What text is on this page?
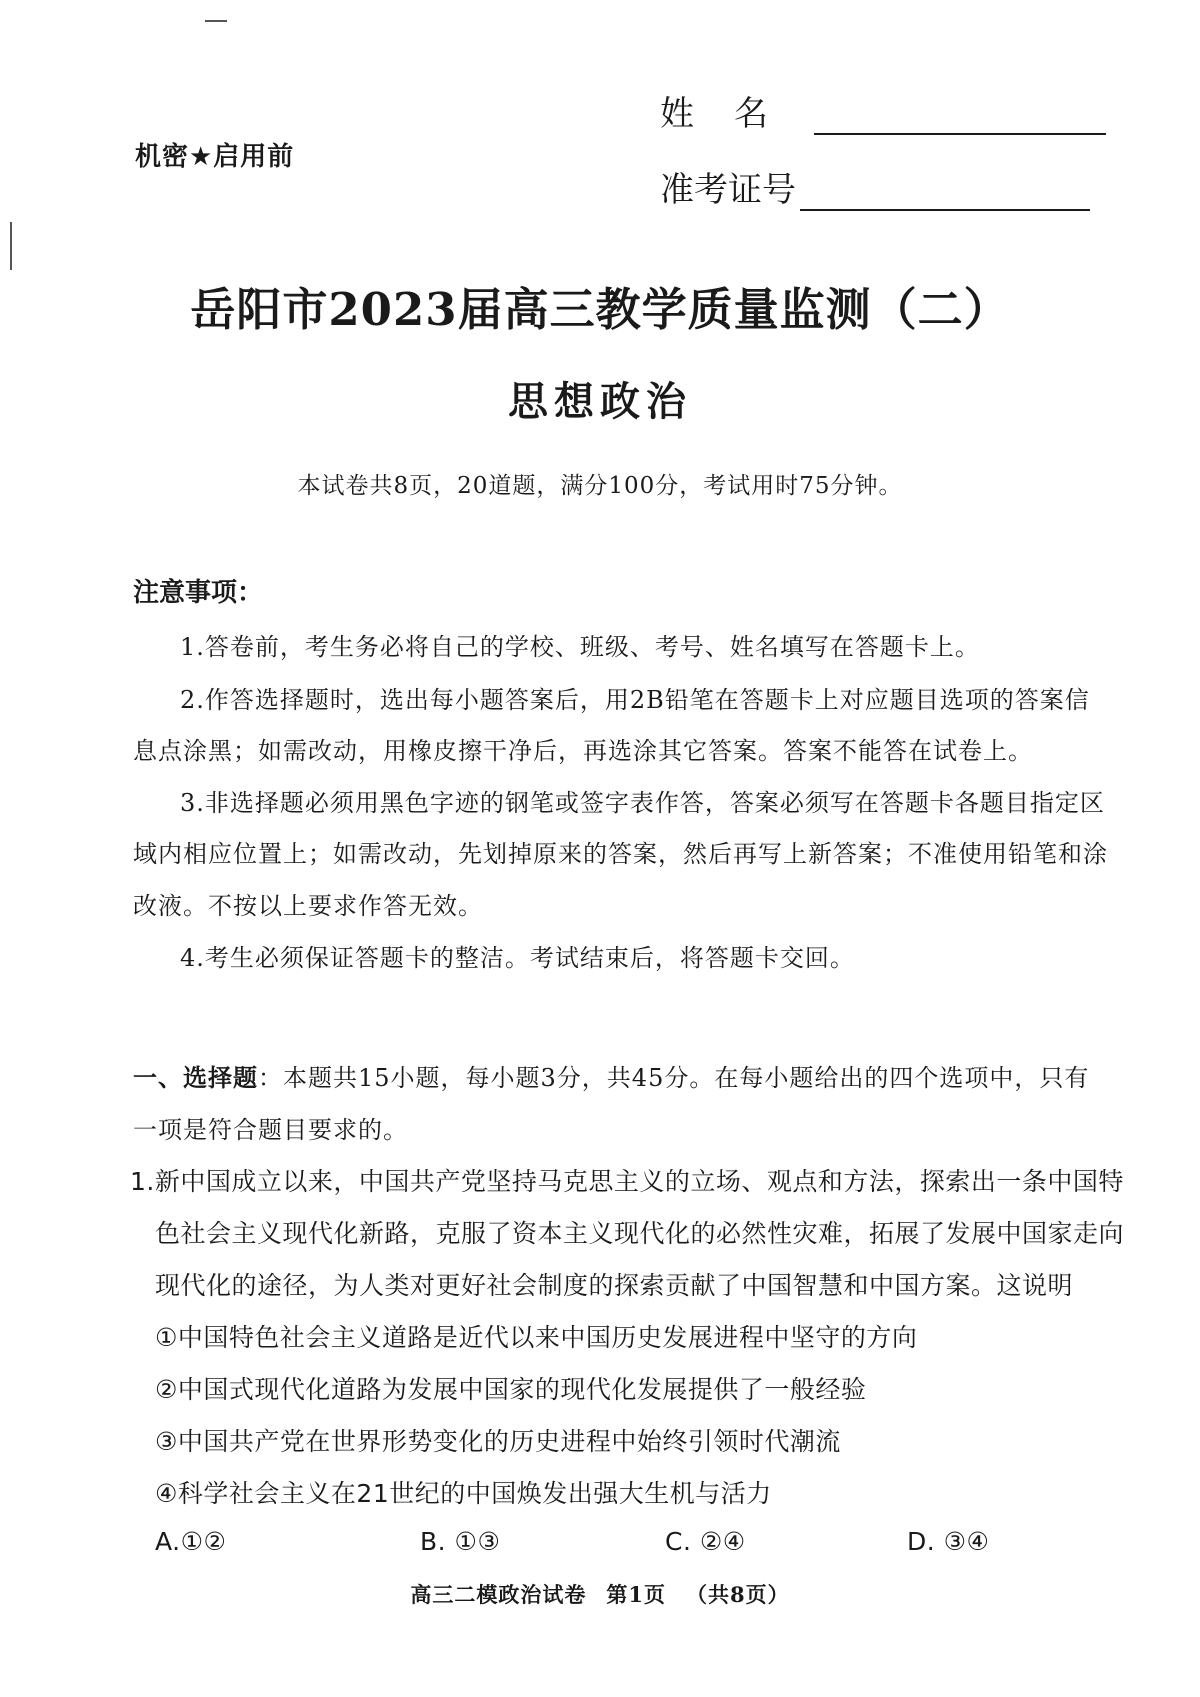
机密★启用前
姓名
准考证号
岳阳市2023届高三教学质量监测（二）
思想政治
本试卷共8页，20道题，满分100分，考试用时75分钟。
注意事项：
1.答卷前，考生务必将自己的学校、班级、考号、姓名填写在答题卡上。
2.作答选择题时，选出每小题答案后，用2B铅笔在答题卡上对应题目选项的答案信
息点涂黑；如需改动，用橡皮擦干净后，再选涂其它答案。答案不能答在试卷上。
3.非选择题必须用黑色字迹的钢笔或签字表作答，答案必须写在答题卡各题目指定区
域内相应位置上；如需改动，先划掉原来的答案，然后再写上新答案；不准使用铅笔和涂
改液。不按以上要求作答无效。
4.考生必须保证答题卡的整洁。考试结束后，将答题卡交回。
一、选择题：本题共15小题，每小题3分，共45分。在每小题给出的四个选项中，只有
一项是符合题目要求的。
1.新中国成立以来，中国共产党坚持马克思主义的立场、观点和方法，探索出一条中国特
色社会主义现代化新路，克服了资本主义现代化的必然性灾难，拓展了发展中国家走向
现代化的途径，为人类对更好社会制度的探索贡献了中国智慧和中国方案。这说明
①中国特色社会主义道路是近代以来中国历史发展进程中坚守的方向
②中国式现代化道路为发展中国家的现代化发展提供了一般经验
③中国共产党在世界形势变化的历史进程中始终引领时代潮流
④科学社会主义在21世纪的中国焕发出强大生机与活力
A.①②	B. ①③	C. ②④	D. ③④
高三二模政治试卷 第1页 （共8页）
